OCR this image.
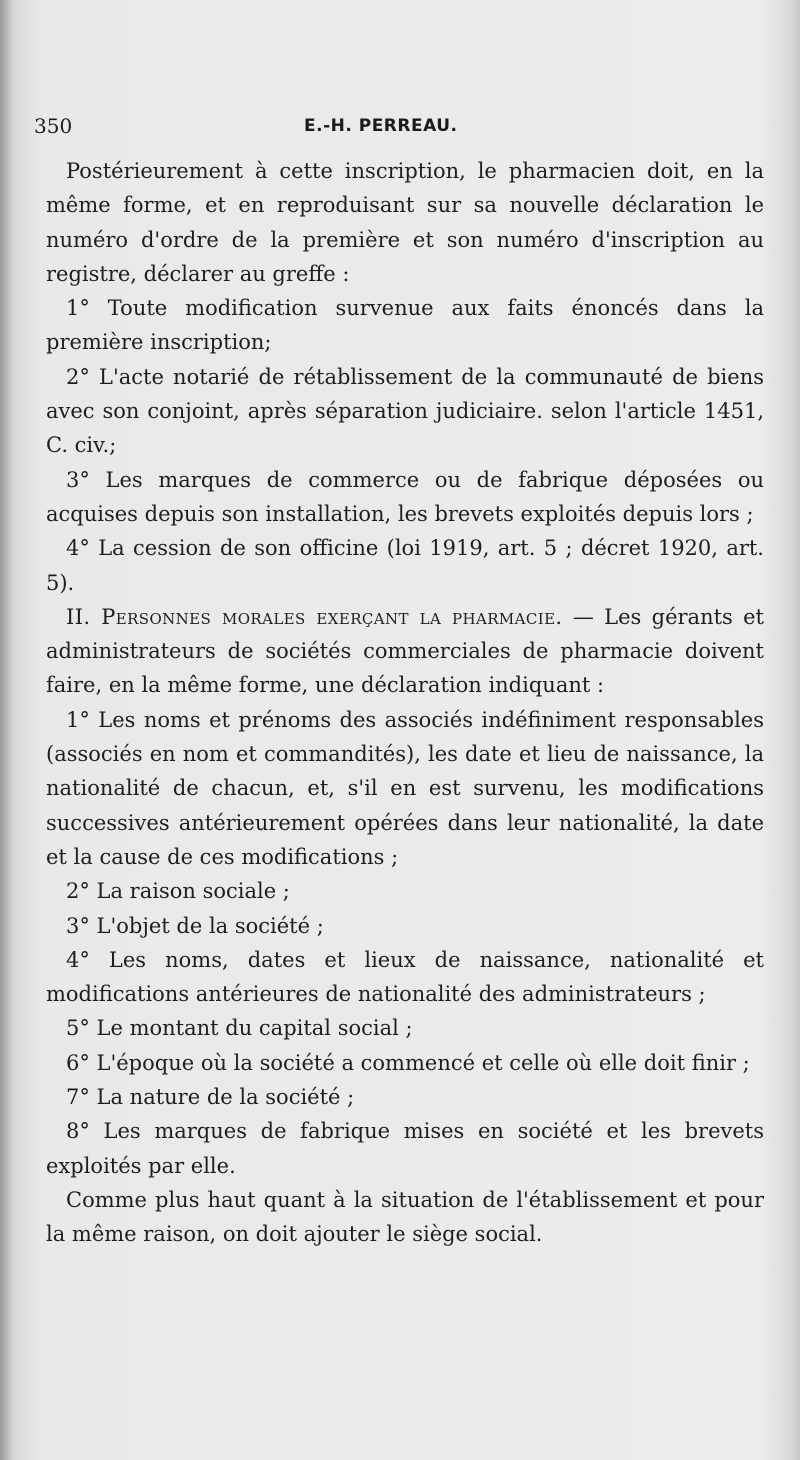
350	E.-H. PERREAU.

Postérieurement à cette inscription, le pharmacien doit, en la même forme, et en reproduisant sur sa nouvelle déclaration le numéro d'ordre de la première et son numéro d'inscription au registre, déclarer au greffe :

1° Toute modification survenue aux faits énoncés dans la première inscription;

2° L'acte notarié de rétablissement de la communauté de biens avec son conjoint, après séparation judiciaire. selon l'article 1451, C. civ.;

3° Les marques de commerce ou de fabrique déposées ou acquises depuis son installation, les brevets exploités depuis lors ;

4° La cession de son officine (loi 1919, art. 5 ; décret 1920, art. 5).

II. Personnes morales exerçant la pharmacie. — Les gérants et administrateurs de sociétés commerciales de pharmacie doivent faire, en la même forme, une déclaration indiquant :

1° Les noms et prénoms des associés indéfiniment responsables (associés en nom et commandités), les date et lieu de naissance, la nationalité de chacun, et, s'il en est survenu, les modifications successives antérieurement opérées dans leur nationalité, la date et la cause de ces modifications ;

2° La raison sociale ;

3° L'objet de la société ;

4° Les noms, dates et lieux de naissance, nationalité et modifications antérieures de nationalité des administrateurs ;

5° Le montant du capital social ;

6° L'époque où la société a commencé et celle où elle doit finir ;

7° La nature de la société ;

8° Les marques de fabrique mises en société et les brevets exploités par elle.

Comme plus haut quant à la situation de l'établissement et pour la même raison, on doit ajouter le siège social.
